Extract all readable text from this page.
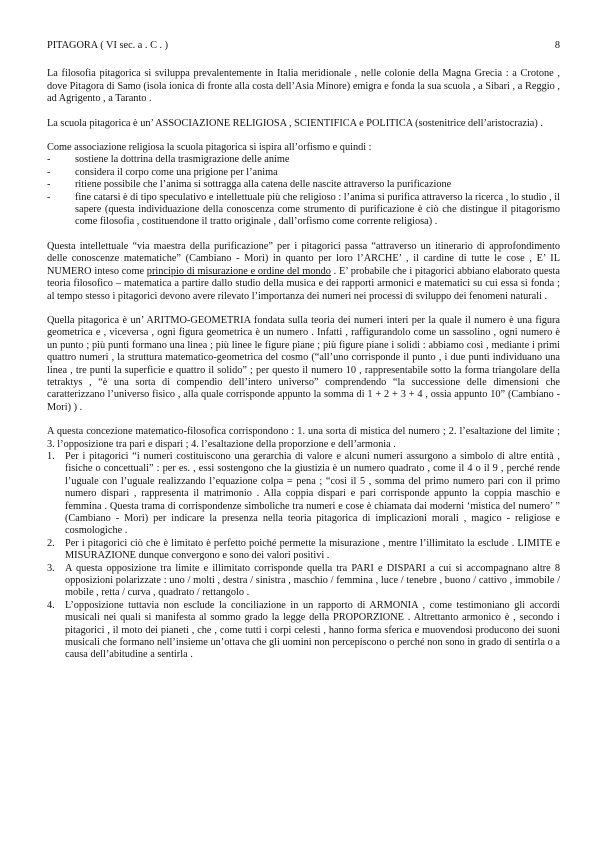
PITAGORA ( VI sec. a . C . )	8

La filosofia pitagorica si sviluppa prevalentemente in Italia meridionale , nelle colonie della Magna Grecia : a Crotone , dove Pitagora di Samo (isola ionica di fronte alla costa dell’Asia Minore) emigra e fonda la sua scuola , a Sibari , a Reggio , ad Agrigento , a Taranto .

La scuola pitagorica è un’ ASSOCIAZIONE RELIGIOSA , SCIENTIFICA e POLITICA (sostenitrice dell’aristocrazia) .

Come associazione religiosa la scuola pitagorica si ispira all’orfismo e quindi :

- sostiene la dottrina della trasmigrazione delle anime
- considera il corpo come una prigione per l’anima
- ritiene possibile che l’anima si sottragga alla catena delle nascite attraverso la purificazione
- fine catarsi è di tipo speculativo e intellettuale più che religioso : l’anima si purifica attraverso la ricerca , lo studio , il sapere (questa individuazione della conoscenza come strumento di purificazione è ciò che distingue il pitagorismo come filosofia , costituendone il tratto originale , dall’orfismo come corrente religiosa) .

Questa intellettuale “via maestra della purificazione” per i pitagorici passa “attraverso un itinerario di approfondimento delle conoscenze matematiche” (Cambiano - Mori) in quanto per loro l’ARCHE’ , il cardine di tutte le cose , E’ IL NUMERO inteso come principio di misurazione e ordine del mondo . E’ probabile che i pitagorici abbiano elaborato questa teoria filosofico – matematica a partire dallo studio della musica e dei rapporti armonici e matematici su cui essa si fonda ; al tempo stesso i pitagorici devono avere rilevato l’importanza dei numeri nei processi di sviluppo dei fenomeni naturali .

Quella pitagorica è un’ ARITMO-GEOMETRIA fondata sulla teoria dei numeri interi per la quale il numero è una figura geometrica e , viceversa , ogni figura geometrica è un numero . Infatti , raffigurandolo come un sassolino , ogni numero è un punto ; più punti formano una linea ; più linee le figure piane ; più figure piane i solidi : abbiamo così , mediante i primi quattro numeri , la struttura matematico-geometrica del cosmo (“all’uno corrisponde il punto , i due punti individuano una linea , tre punti la superficie e quattro il solido” ; per questo il numero 10 , rappresentabile sotto la forma triangolare della tetraktys , “è una sorta di compendio dell’intero universo” comprendendo “la successione delle dimensioni che caratterizzano l’universo fisico , alla quale corrisponde appunto la somma di 1 + 2 + 3 + 4 , ossia appunto 10” (Cambiano - Mori) ) .

A questa concezione matematico-filosofica corrispondono : 1. una sorta di mistica del numero ; 2. l’esaltazione del limite ; 3. l’opposizione tra pari e dispari ; 4. l’esaltazione della proporzione e dell’armonia .

1. Per i pitagorici “i numeri costituiscono una gerarchia di valore e alcuni numeri assurgono a simbolo di altre entità , fisiche o concettuali” : per es. , essi sostengono che la giustizia è un numero quadrato , come il 4 o il 9 , perché rende l’uguale con l’uguale realizzando l’equazione colpa = pena ; “cosi il 5 , somma del primo numero pari con il primo numero dispari , rappresenta il matrimonio . Alla coppia dispari e pari corrisponde appunto la coppia maschio e femmina . Questa trama di corrispondenze simboliche tra numeri e cose è chiamata dai moderni ‘mistica del numero’ ” (Cambiano - Mori) per indicare la presenza nella teoria pitagorica di implicazioni morali , magico - religiose e cosmologiche .
2. Per i pitagorici ciò che è limitato è perfetto poiché permette la misurazione , mentre l’illimitato la esclude . LIMITE e MISURAZIONE dunque convergono e sono dei valori positivi .
3. A questa opposizione tra limite e illimitato corrisponde quella tra PARI e DISPARI a cui si accompagnano altre 8 opposizioni polarizzate : uno / molti , destra / sinistra , maschio / femmina , luce / tenebre , buono / cattivo , immobile / mobile , retta / curva , quadrato / rettangolo .
4. L’opposizione tuttavia non esclude la conciliazione in un rapporto di ARMONIA , come testimoniano gli accordi musicali nei quali si manifesta al sommo grado la legge della PROPORZIONE . Altrettanto armonico è , secondo i pitagorici , il moto dei pianeti , che , come tutti i corpi celesti , hanno forma sferica e muovendosi producono dei suoni musicali che formano nell’insieme un’ottava che gli uomini non percepiscono o perché non sono in grado di sentirla o a causa dell’abitudine a sentirla .
